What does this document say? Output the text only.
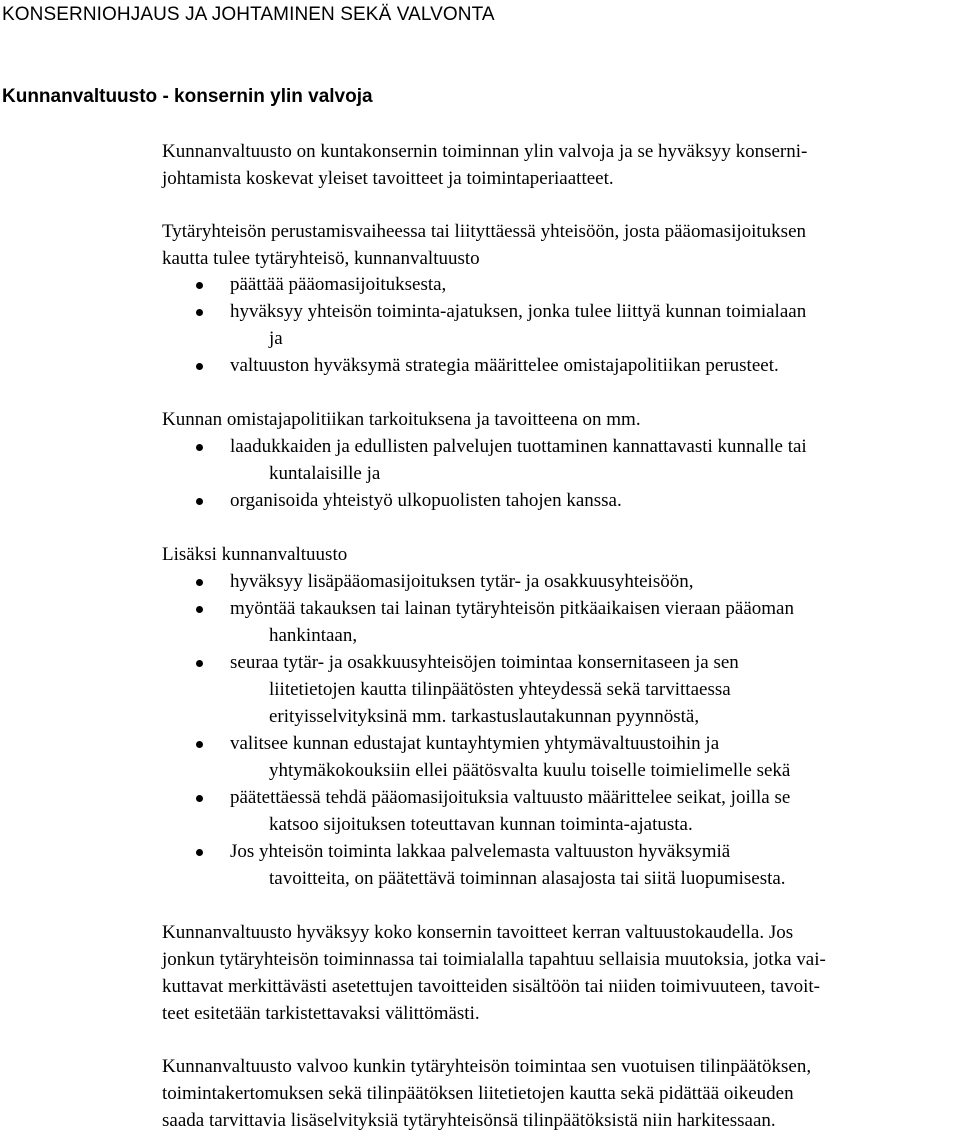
KONSERNIOHJAUS JA JOHTAMINEN SEKÄ VALVONTA
Kunnanvaltuusto - konsernin ylin valvoja
Kunnanvaltuusto on kuntakonsernin toiminnan ylin valvoja ja se hyväksyy konserni-
johtamista koskevat yleiset tavoitteet ja toimintaperiaatteet.
Tytäryhteisön perustamisvaiheessa tai liityttäessä yhteisöön, josta pääomasijoituksen
kautta tulee tytäryhteisö, kunnanvaltuusto
päättää pääomasijoituksesta,
hyväksyy yhteisön toiminta-ajatuksen, jonka tulee liittyä kunnan toimialaan
ja
valtuuston hyväksymä strategia määrittelee omistajapolitiikan perusteet.
Kunnan omistajapolitiikan tarkoituksena ja tavoitteena on mm.
laadukkaiden ja edullisten palvelujen tuottaminen kannattavasti kunnalle tai
kuntalaisille ja
organisoida yhteistyö ulkopuolisten tahojen kanssa.
Lisäksi kunnanvaltuusto
hyväksyy lisäpääomasijoituksen tytär- ja osakkuusyhteisöön,
myöntää takauksen tai lainan tytäryhteisön pitkäaikaisen vieraan pääoman
hankintaan,
seuraa tytär- ja osakkuusyhteisöjen toimintaa konsernitaseen ja sen
liitetietojen kautta tilinpäätösten yhteydessä sekä tarvittaessa
erityisselvityksinä mm. tarkastuslautakunnan pyynnöstä,
valitsee kunnan edustajat kuntayhtymien yhtymävaltuustoihin ja
yhtymäkokouksiin ellei päätösvalta kuulu toiselle toimielimelle sekä
päätettäessä tehdä pääomasijoituksia valtuusto määrittelee seikat, joilla se
katsoo sijoituksen toteuttavan kunnan toiminta-ajatusta.
Jos yhteisön toiminta lakkaa palvelemasta valtuuston hyväksymiä
tavoitteita, on päätettävä toiminnan alasajosta tai siitä luopumisesta.
Kunnanvaltuusto hyväksyy koko konsernin tavoitteet kerran valtuustokaudella. Jos
jonkun tytäryhteisön toiminnassa tai toimialalla tapahtuu sellaisia muutoksia, jotka vai-
kuttavat merkittävästi asetettujen tavoitteiden sisältöön tai niiden toimivuuteen, tavoit-
teet esitetään tarkistettavaksi välittömästi.
Kunnanvaltuusto valvoo kunkin tytäryhteisön toimintaa sen vuotuisen tilinpäätöksen,
toimintakertomuksen sekä tilinpäätöksen liitetietojen kautta sekä pidättää oikeuden
saada tarvittavia lisäselvityksiä tytäryhteisönsä tilinpäätöksistä niin harkitessaan.
